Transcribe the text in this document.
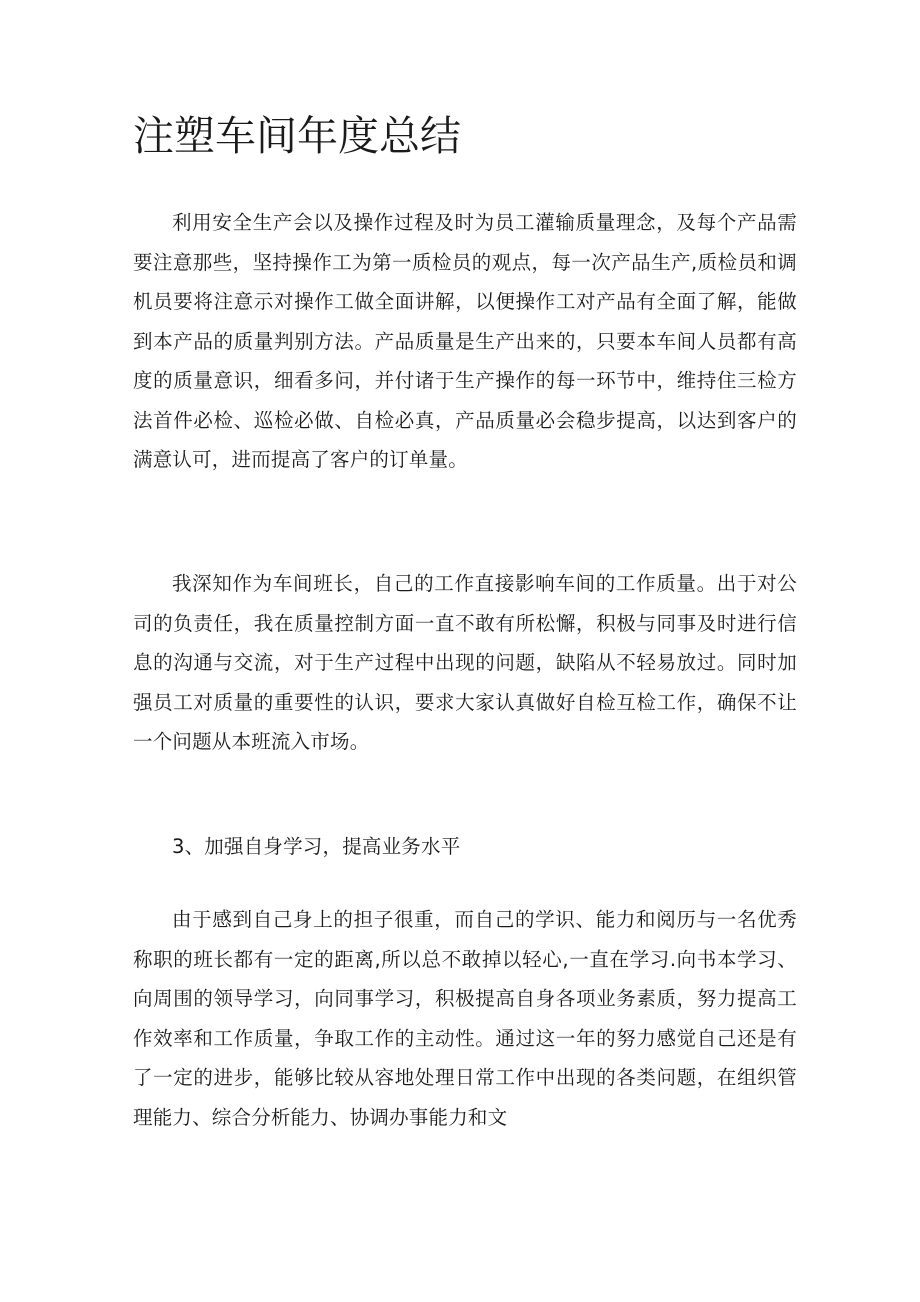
注塑车间年度总结

利用安全生产会以及操作过程及时为员工灌输质量理念，及每个产品需要注意那些，坚持操作工为第一质检员的观点，每一次产品生产,质检员和调机员要将注意示对操作工做全面讲解，以便操作工对产品有全面了解，能做到本产品的质量判别方法。产品质量是生产出来的，只要本车间人员都有高度的质量意识，细看多问，并付诸于生产操作的每一环节中，维持住三检方法首件必检、巡检必做、自检必真，产品质量必会稳步提高，以达到客户的满意认可，进而提高了客户的订单量。

我深知作为车间班长，自己的工作直接影响车间的工作质量。出于对公司的负责任，我在质量控制方面一直不敢有所松懈，积极与同事及时进行信息的沟通与交流，对于生产过程中出现的问题，缺陷从不轻易放过。同时加强员工对质量的重要性的认识，要求大家认真做好自检互检工作，确保不让一个问题从本班流入市场。

3、加强自身学习，提高业务水平

由于感到自己身上的担子很重，而自己的学识、能力和阅历与一名优秀称职的班长都有一定的距离,所以总不敢掉以轻心,一直在学习.向书本学习、向周围的领导学习，向同事学习，积极提高自身各项业务素质，努力提高工作效率和工作质量，争取工作的主动性。通过这一年的努力感觉自己还是有了一定的进步，能够比较从容地处理日常工作中出现的各类问题，在组织管理能力、综合分析能力、协调办事能力和文
